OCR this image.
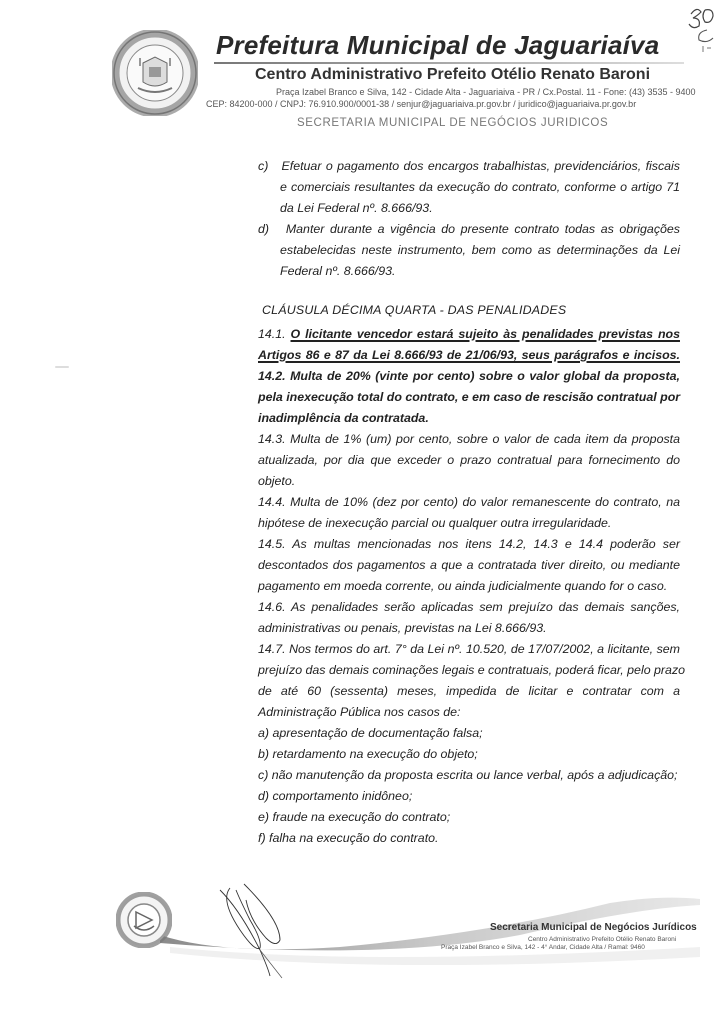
Prefeitura Municipal de Jaguariaíva
Centro Administrativo Prefeito Otélio Renato Baroni
Praça Izabel Branco e Silva, 142 - Cidade Alta - Jaguariaiva - PR / Cx.Postal. 11 - Fone: (43) 3535 - 9400
CEP: 84200-000 / CNPJ: 76.910.900/0001-38 / senjur@jaguariaiva.pr.gov.br / juridico@jaguariaiva.pr.gov.br
SECRETARIA MUNICIPAL DE NEGÓCIOS JURIDICOS
c) Efetuar o pagamento dos encargos trabalhistas, previdenciários, fiscais
e comerciais resultantes da execução do contrato, conforme o artigo 71
da Lei Federal nº. 8.666/93.
d) Manter durante a vigência do presente contrato todas as obrigações
estabelecidas neste instrumento, bem como as determinações da Lei
Federal nº. 8.666/93.
CLÁUSULA DÉCIMA QUARTA - DAS PENALIDADES
14.1. O licitante vencedor estará sujeito às penalidades previstas nos
Artigos 86 e 87 da Lei 8.666/93 de 21/06/93, seus parágrafos e incisos.
14.2. Multa de 20% (vinte por cento) sobre o valor global da proposta,
pela inexecução total do contrato, e em caso de rescisão contratual por
inadimplência da contratada.
14.3. Multa de 1% (um) por cento, sobre o valor de cada item da proposta
atualizada, por dia que exceder o prazo contratual para fornecimento do
objeto.
14.4. Multa de 10% (dez por cento) do valor remanescente do contrato, na
hipótese de inexecução parcial ou qualquer outra irregularidade.
14.5. As multas mencionadas nos itens 14.2, 14.3 e 14.4 poderão ser
descontados dos pagamentos a que a contratada tiver direito, ou mediante
pagamento em moeda corrente, ou ainda judicialmente quando for o caso.
14.6. As penalidades serão aplicadas sem prejuízo das demais sanções,
administrativas ou penais, previstas na Lei 8.666/93.
14.7. Nos termos do art. 7° da Lei nº. 10.520, de 17/07/2002, a licitante, sem
prejuízo das demais cominações legais e contratuais, poderá ficar, pelo prazo
de até 60 (sessenta) meses, impedida de licitar e contratar com a
Administração Pública nos casos de:
a) apresentação de documentação falsa;
b) retardamento na execução do objeto;
c) não manutenção da proposta escrita ou lance verbal, após a adjudicação;
d) comportamento inidôneo;
e) fraude na execução do contrato;
f) falha na execução do contrato.
Secretaria Municipal de Negócios Jurídicos
Centro Administrativo Prefeito Otélio Renato Baroni
Praça Izabel Branco e Silva, 142 - 4° Andar, Cidade Alta / Ramal: 9460
